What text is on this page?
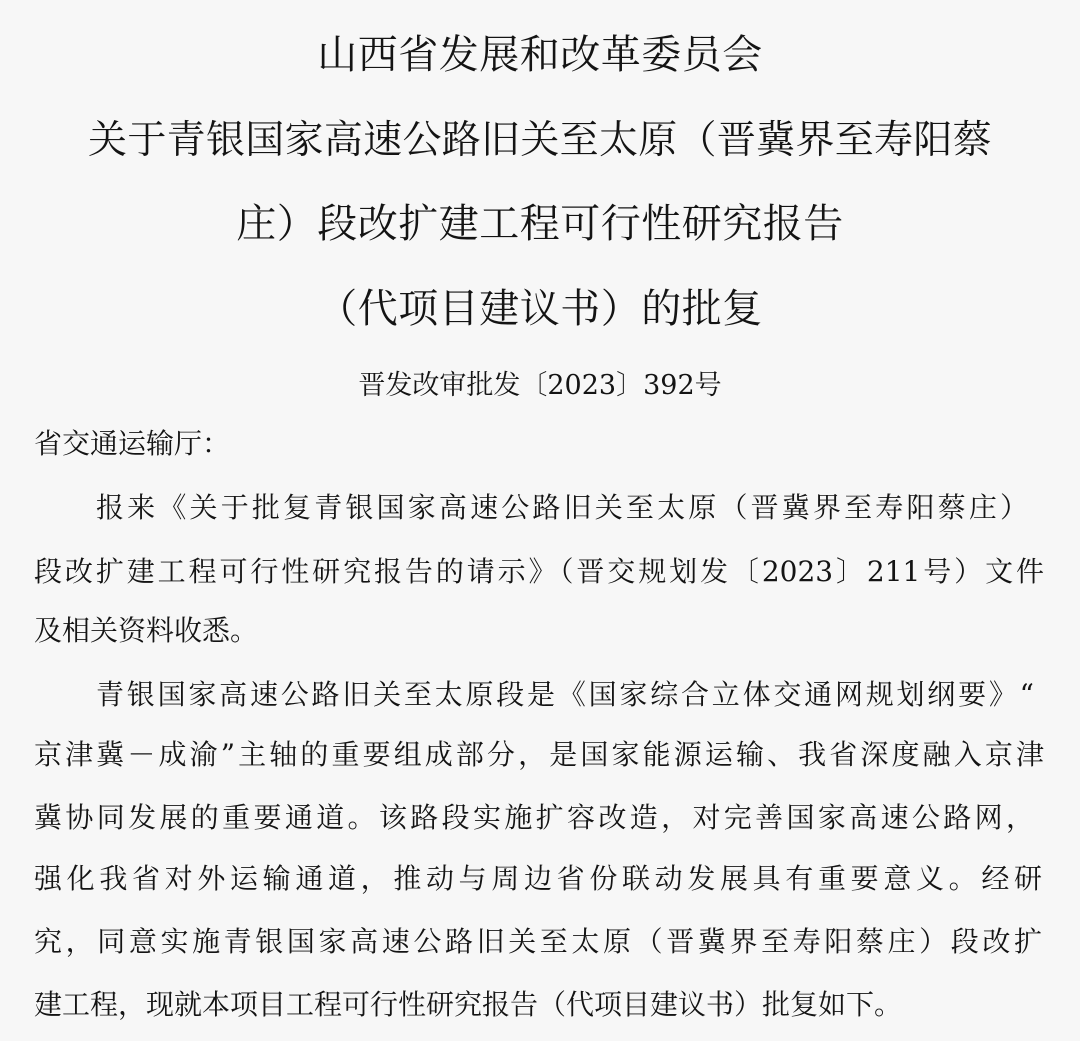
山西省发展和改革委员会
关于青银国家高速公路旧关至太原（晋冀界至寿阳蔡
庄）段改扩建工程可行性研究报告
（代项目建议书）的批复
晋发改审批发〔2023〕392号
省交通运输厅：
报来《关于批复青银国家高速公路旧关至太原（晋冀界至寿阳蔡庄）
段改扩建工程可行性研究报告的请示》（晋交规划发〔2023〕211号）文件
及相关资料收悉。
青银国家高速公路旧关至太原段是《国家综合立体交通网规划纲要》“
京津冀－成渝”主轴的重要组成部分，是国家能源运输、我省深度融入京津
冀协同发展的重要通道。该路段实施扩容改造，对完善国家高速公路网，
强化我省对外运输通道，推动与周边省份联动发展具有重要意义。经研
究，同意实施青银国家高速公路旧关至太原（晋冀界至寿阳蔡庄）段改扩
建工程，现就本项目工程可行性研究报告（代项目建议书）批复如下。
